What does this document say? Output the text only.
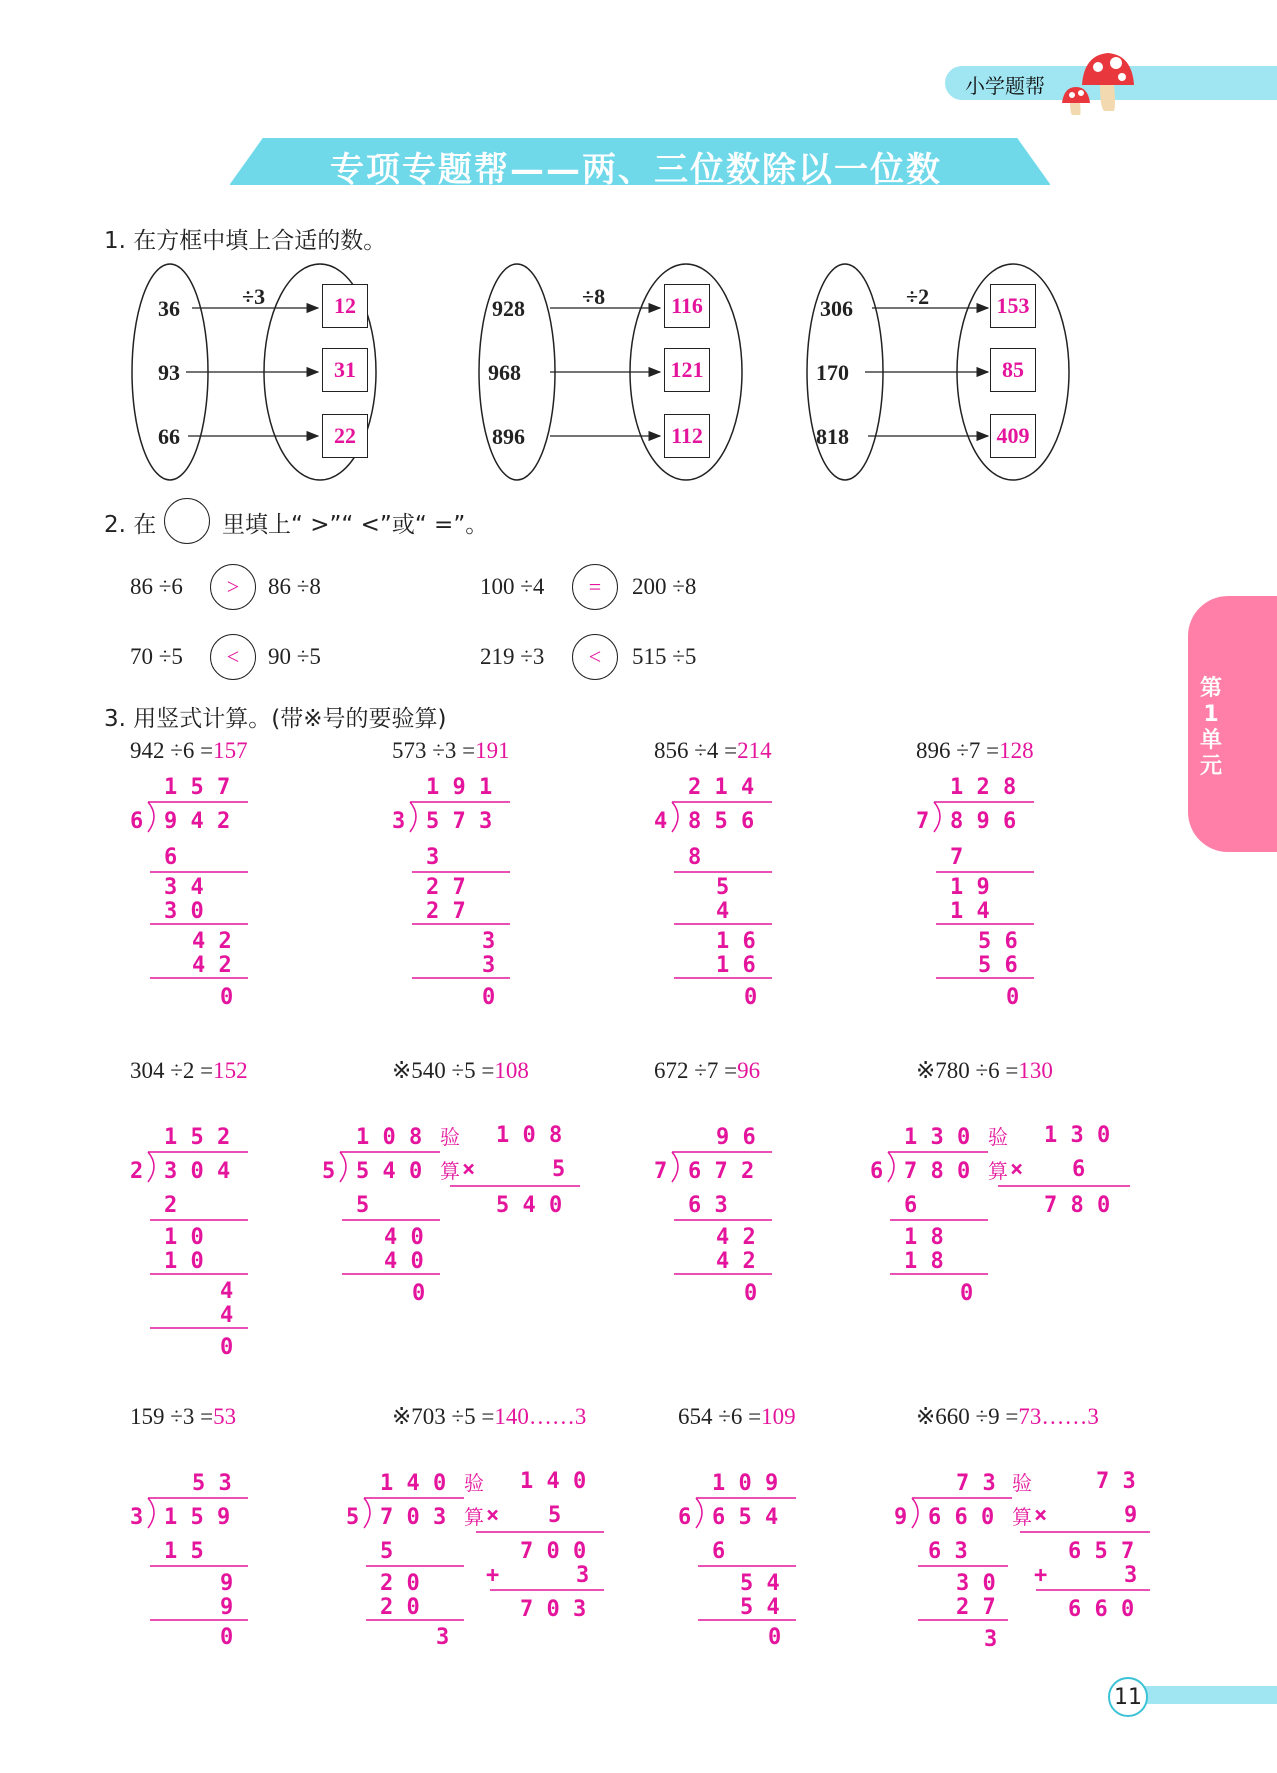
小学题帮
专项专题帮——两、三位数除以一位数
第1单元
1. 在方框中填上合适的数。
÷3
36
93
66
12
31
22
÷8
928
968
896
116
121
112
÷2
306
170
818
153
85
409
2. 在	里填上“ >”“ <”或“ =”。
86 ÷6	>	86 ÷8	100 ÷4	=	200 ÷8
70 ÷5	<	90 ÷5	219 ÷3	<	515 ÷5
3. 用竖式计算。(带※号的要验算)
942 ÷6 =157	573 ÷3 =191	856 ÷4 =214	896 ÷7 =128
1 5 7
6 9 4 2
6
3 4
3 0
4 2
4 2
0
1 9 1
3 5 7 3
3
2 7
2 7
3
3
0
2 1 4
4 8 5 6
8
5
4
1 6
1 6
0
1 2 8
7 8 9 6
7
1 9
1 4
5 6
5 6
0
1 5 2
2 3 0 4
2
1 0
1 0
4
4
0
1 0 8
5 5 4 0
5
4 0
4 0
0
验
算
1 0 8
×	5
5 4 0
9 6
7 6 7 2
6 3
4 2
4 2
0
1 3 0
6 7 8 0
6
1 8
1 8
0
验
算
1 3 0
× 6
7 8 0
5 3
3 1 5 9
1 5
9
9
0
1 4 0
5 7 0 3
5
2 0
2 0
3
验
算
1 4 0
× 5
7 0 0
+	3
7 0 3
1 0 9
6 6 5 4
6
5 4
5 4
0
7 3
9 6 6 0
6 3
3 0
2 7
3
验
算
7 3
×	9
6 5 7
+	3
6 6 0
304 ÷2 =152	※540 ÷5 =108	672 ÷7 =96	※780 ÷6 =130
159 ÷3 =53	※703 ÷5 =140……3	654 ÷6 =109	※660 ÷9 =73……3
11
